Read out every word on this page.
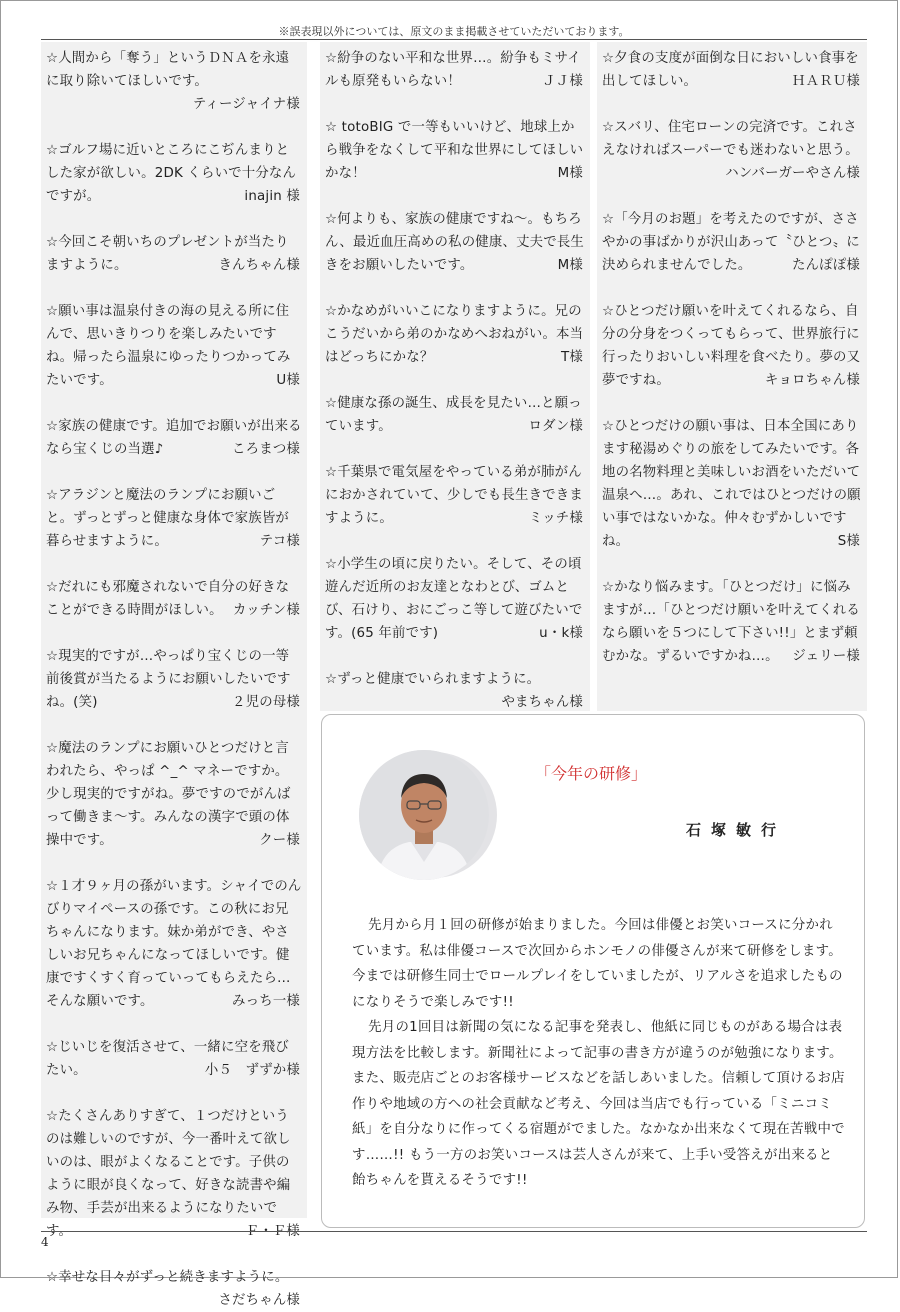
※誤表現以外については、原文のまま掲載させていただいております。
☆人間から「奪う」というＤＮＡを永遠に取り除いてほしいです。
ティージャイナ様
☆ゴルフ場に近いところにこぢんまりとした家が欲しい。2DK くらいで十分なんですが。	inajin 様
☆今回こそ朝いちのプレゼントが当たりますように。	きんちゃん様
☆願い事は温泉付きの海の見える所に住んで、思いきりつりを楽しみたいですね。帰ったら温泉にゆったりつかってみたいです。	U様
☆家族の健康です。追加でお願いが出来るなら宝くじの当選♪	ころまつ様
☆アラジンと魔法のランプにお願いごと。ずっとずっと健康な身体で家族皆が暮らせますように。	テコ様
☆だれにも邪魔されないで自分の好きなことができる時間がほしい。 カッチン様
☆現実的ですが…やっぱり宝くじの一等前後賞が当たるようにお願いしたいですね。(笑)	２児の母様
☆魔法のランプにお願いひとつだけと言われたら、やっぱ ^_^ マネーですか。少し現実的ですがね。夢ですのでがんばって働きま〜す。みんなの漢字で頭の体操中です。	クー様
☆１才９ヶ月の孫がいます。シャイでのんびりマイペースの孫です。この秋にお兄ちゃんになります。妹か弟ができ、やさしいお兄ちゃんになってほしいです。健康ですくすく育っていってもらえたら…そんな願いです。	みっち一様
☆じいじを復活させて、一緒に空を飛びたい。	小５　ずずか様
☆たくさんありすぎて、１つだけというのは難しいのですが、今一番叶えて欲しいのは、眼がよくなることです。子供のように眼が良くなって、好きな読書や編み物、手芸が出来るようになりたいです。	Ｆ・Ｆ様
☆幸せな日々がずっと続きますように。
さだちゃん様
☆紛争のない平和な世界…。紛争もミサイルも原発もいらない！	ＪＪ様
☆ totoBIG で一等もいいけど、地球上から戦争をなくして平和な世界にしてほしいかな！	M様
☆何よりも、家族の健康ですね〜。もちろん、最近血圧高めの私の健康、丈夫で長生きをお願いしたいです。	M様
☆かなめがいいこになりますように。兄のこうだいから弟のかなめへおねがい。本当はどっちにかな？	T様
☆健康な孫の誕生、成長を見たい…と願っています。	ロダン様
☆千葉県で電気屋をやっている弟が肺がんにおかされていて、少しでも長生きできますように。	ミッチ様
☆小学生の頃に戻りたい。そして、その頃遊んだ近所のお友達となわとび、ゴムとび、石けり、おにごっこ等して遊びたいです。(65 年前です)	u・k様
☆ずっと健康でいられますように。
やまちゃん様
☆夕食の支度が面倒な日においしい食事を出してほしい。	ＨＡＲＵ様
☆スバリ、住宅ローンの完済です。これさえなければスーパーでも迷わないと思う。
ハンバーガーやさん様
☆「今月のお題」を考えたのですが、ささやかの事ばかりが沢山あって〝ひとつ〟に決められませんでした。	たんぽぽ様
☆ひとつだけ願いを叶えてくれるなら、自分の分身をつくってもらって、世界旅行に行ったりおいしい料理を食べたり。夢の又夢ですね。	キョロちゃん様
☆ひとつだけの願い事は、日本全国にあります秘湯めぐりの旅をしてみたいです。各地の名物料理と美味しいお酒をいただいて温泉へ…。あれ、これではひとつだけの願い事ではないかな。仲々むずかしいですね。	S様
☆かなり悩みます。「ひとつだけ」に悩みますが…「ひとつだけ願いを叶えてくれるなら願いを５つにして下さい!!」とまず頼むかな。ずるいですかね…。 ジェリー様
「今年の研修」
石塚敏行

先月から月１回の研修が始まりました。今回は俳優とお笑いコースに分かれています。私は俳優コースで次回からホンモノの俳優さんが来て研修をします。今までは研修生同士でロールプレイをしていましたが、リアルさを追求したものになりそうで楽しみです!!

先月の1回目は新聞の気になる記事を発表し、他紙に同じものがある場合は表現方法を比較します。新聞社によって記事の書き方が違うのが勉強になります。また、販売店ごとのお客様サービスなどを話しあいました。信頼して頂けるお店作りや地域の方への社会貢献など考え、今回は当店でも行っている「ミニコミ紙」を自分なりに作ってくる宿題がでました。なかなか出来なくて現在苦戦中です……!! もう一方のお笑いコースは芸人さんが来て、上手い受答えが出来ると飴ちゃんを貰えるそうです!!

4
